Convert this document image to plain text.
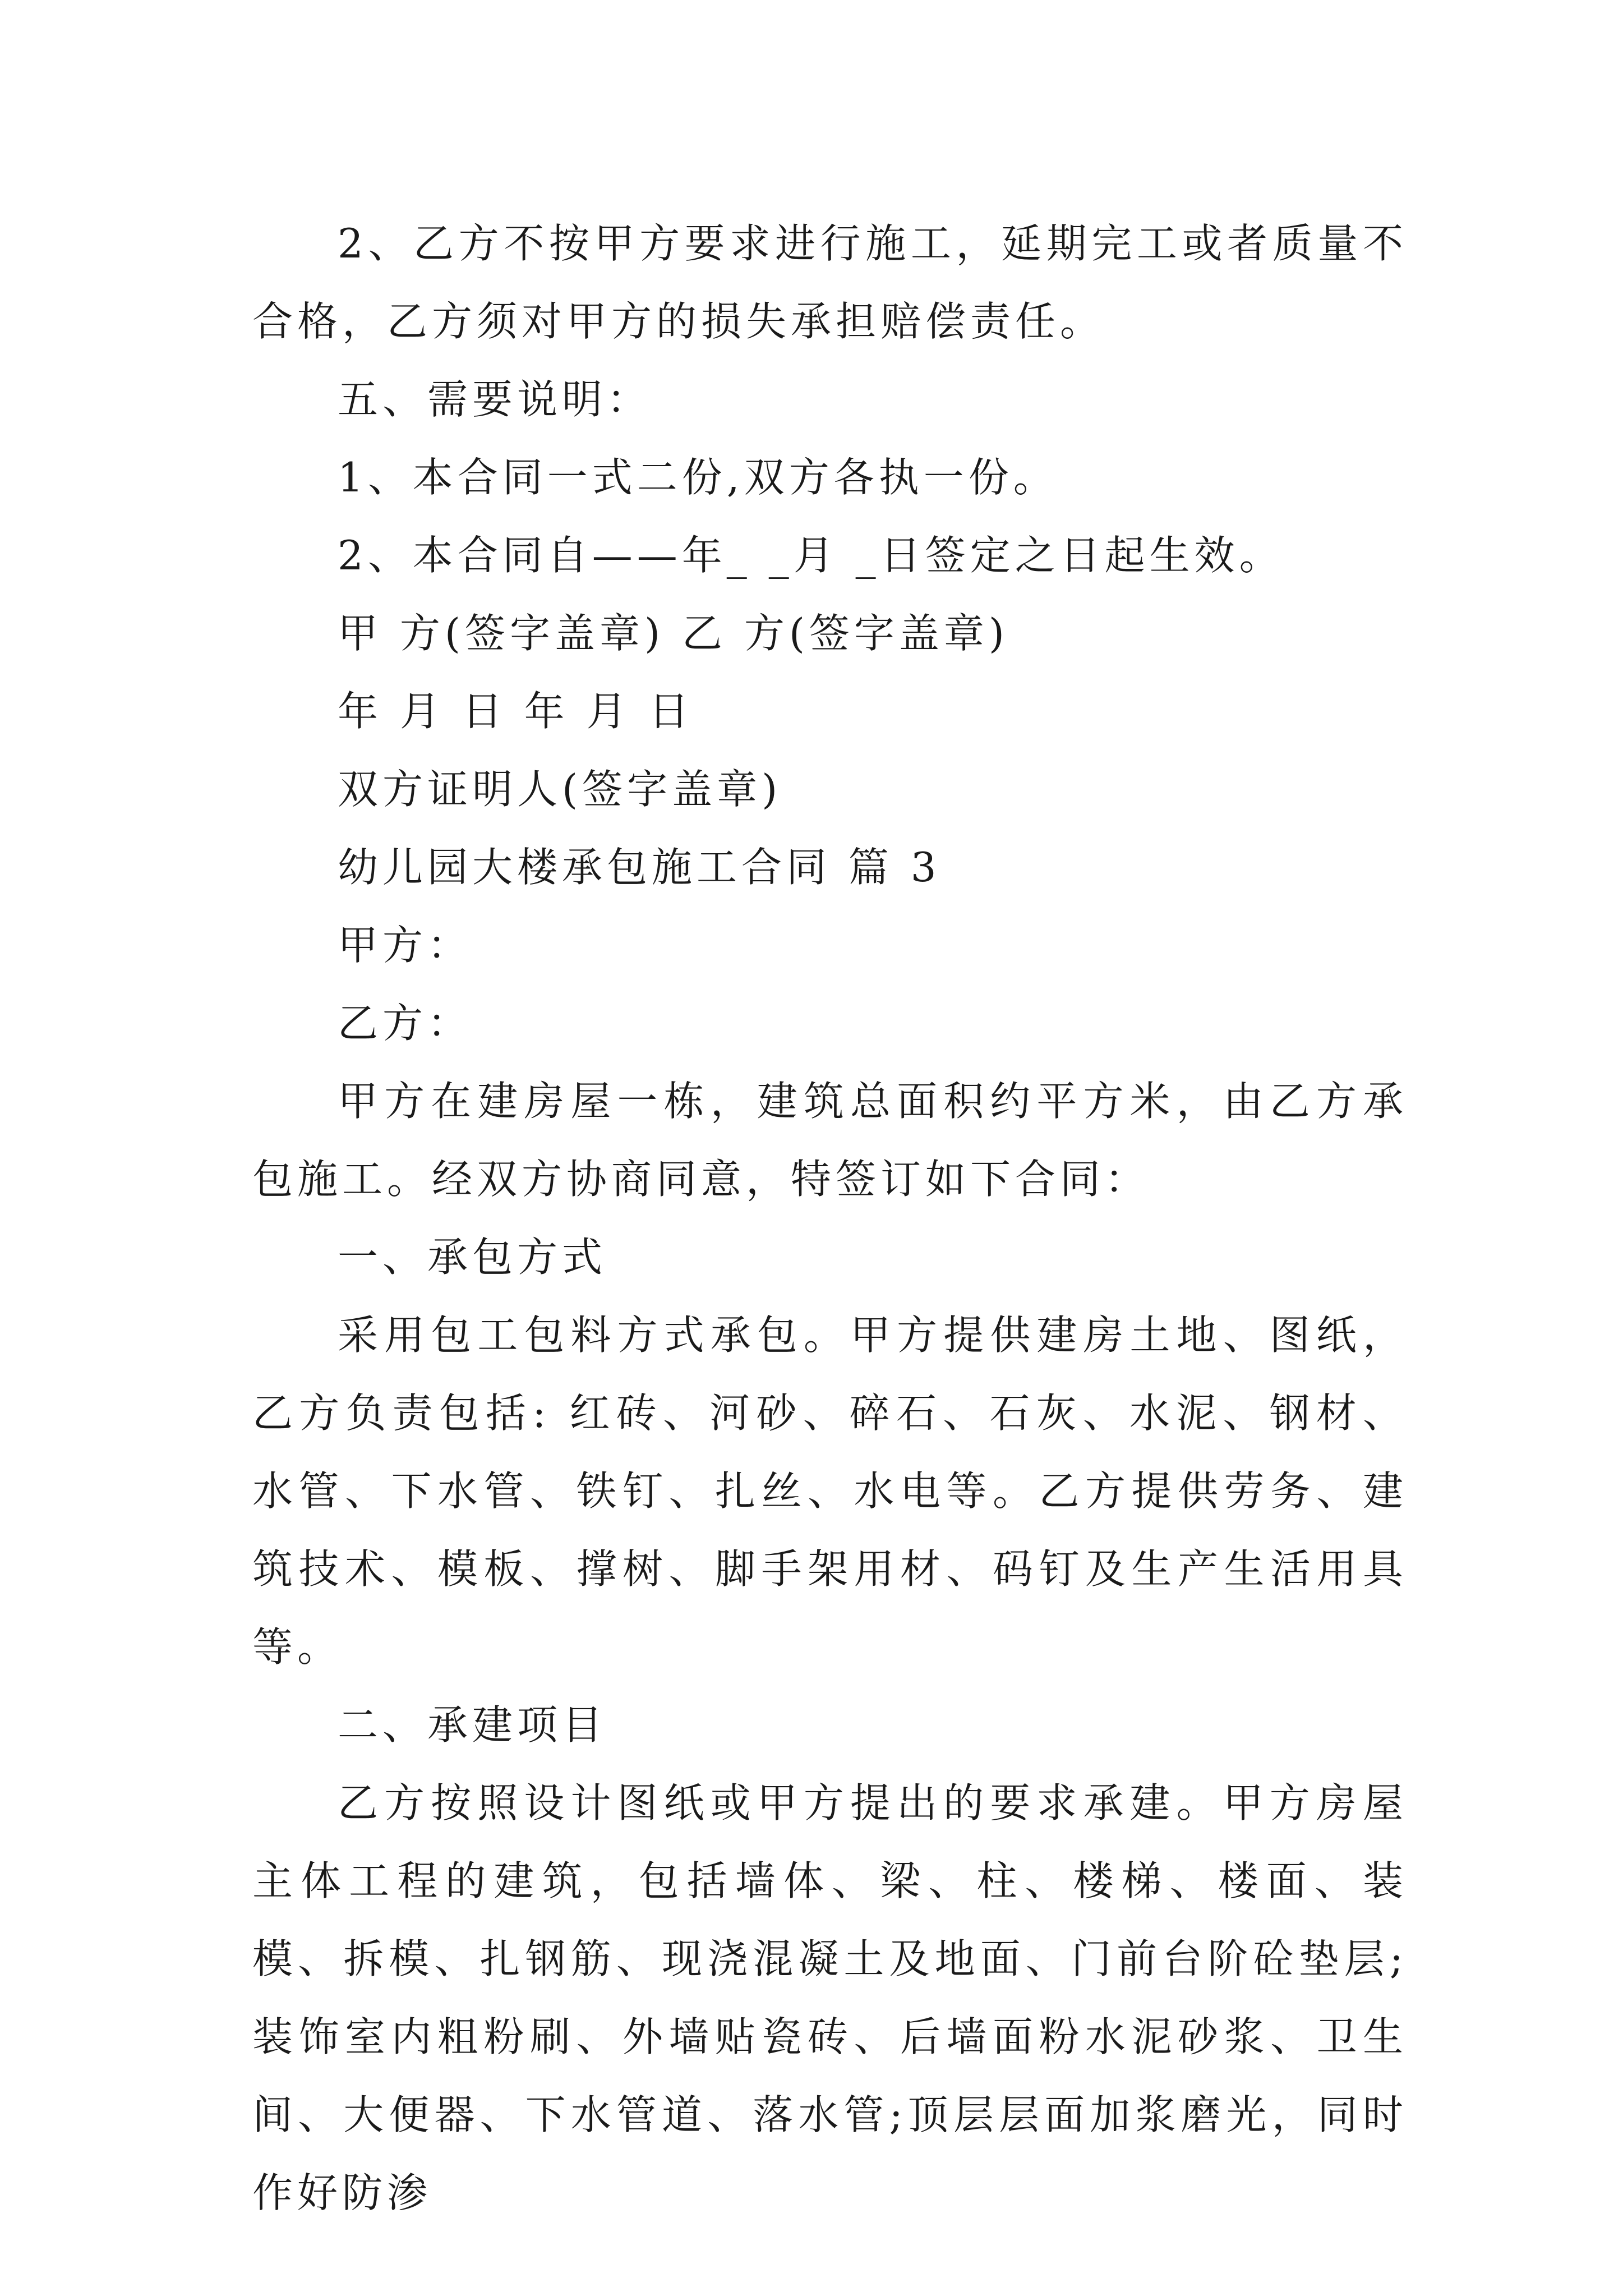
2、乙方不按甲方要求进行施工，延期完工或者质量不合格，乙方须对甲方的损失承担赔偿责任。

五、需要说明：

1、本合同一式二份,双方各执一份。

2、本合同自——年_ _月 _日签定之日起生效。

甲 方(签字盖章) 乙 方(签字盖章)

年 月 日 年 月 日

双方证明人(签字盖章)

幼儿园大楼承包施工合同 篇 3

甲方：

乙方：

甲方在建房屋一栋，建筑总面积约平方米，由乙方承包施工。经双方协商同意，特签订如下合同：

一、承包方式

采用包工包料方式承包。甲方提供建房土地、图纸，乙方负责包括: 红砖、河砂、碎石、石灰、水泥、钢材、水管、下水管、铁钉、扎丝、水电等。乙方提供劳务、建筑技术、模板、撑树、脚手架用材、码钉及生产生活用具等。

二、承建项目

乙方按照设计图纸或甲方提出的要求承建。甲方房屋主体工程的建筑，包括墙体、梁、柱、楼梯、楼面、装模、拆模、扎钢筋、现浇混凝土及地面、门前台阶砼垫层;装饰室内粗粉刷、外墙贴瓷砖、后墙面粉水泥砂浆、卫生间、大便器、下水管道、落水管;顶层层面加浆磨光，同时作好防渗
